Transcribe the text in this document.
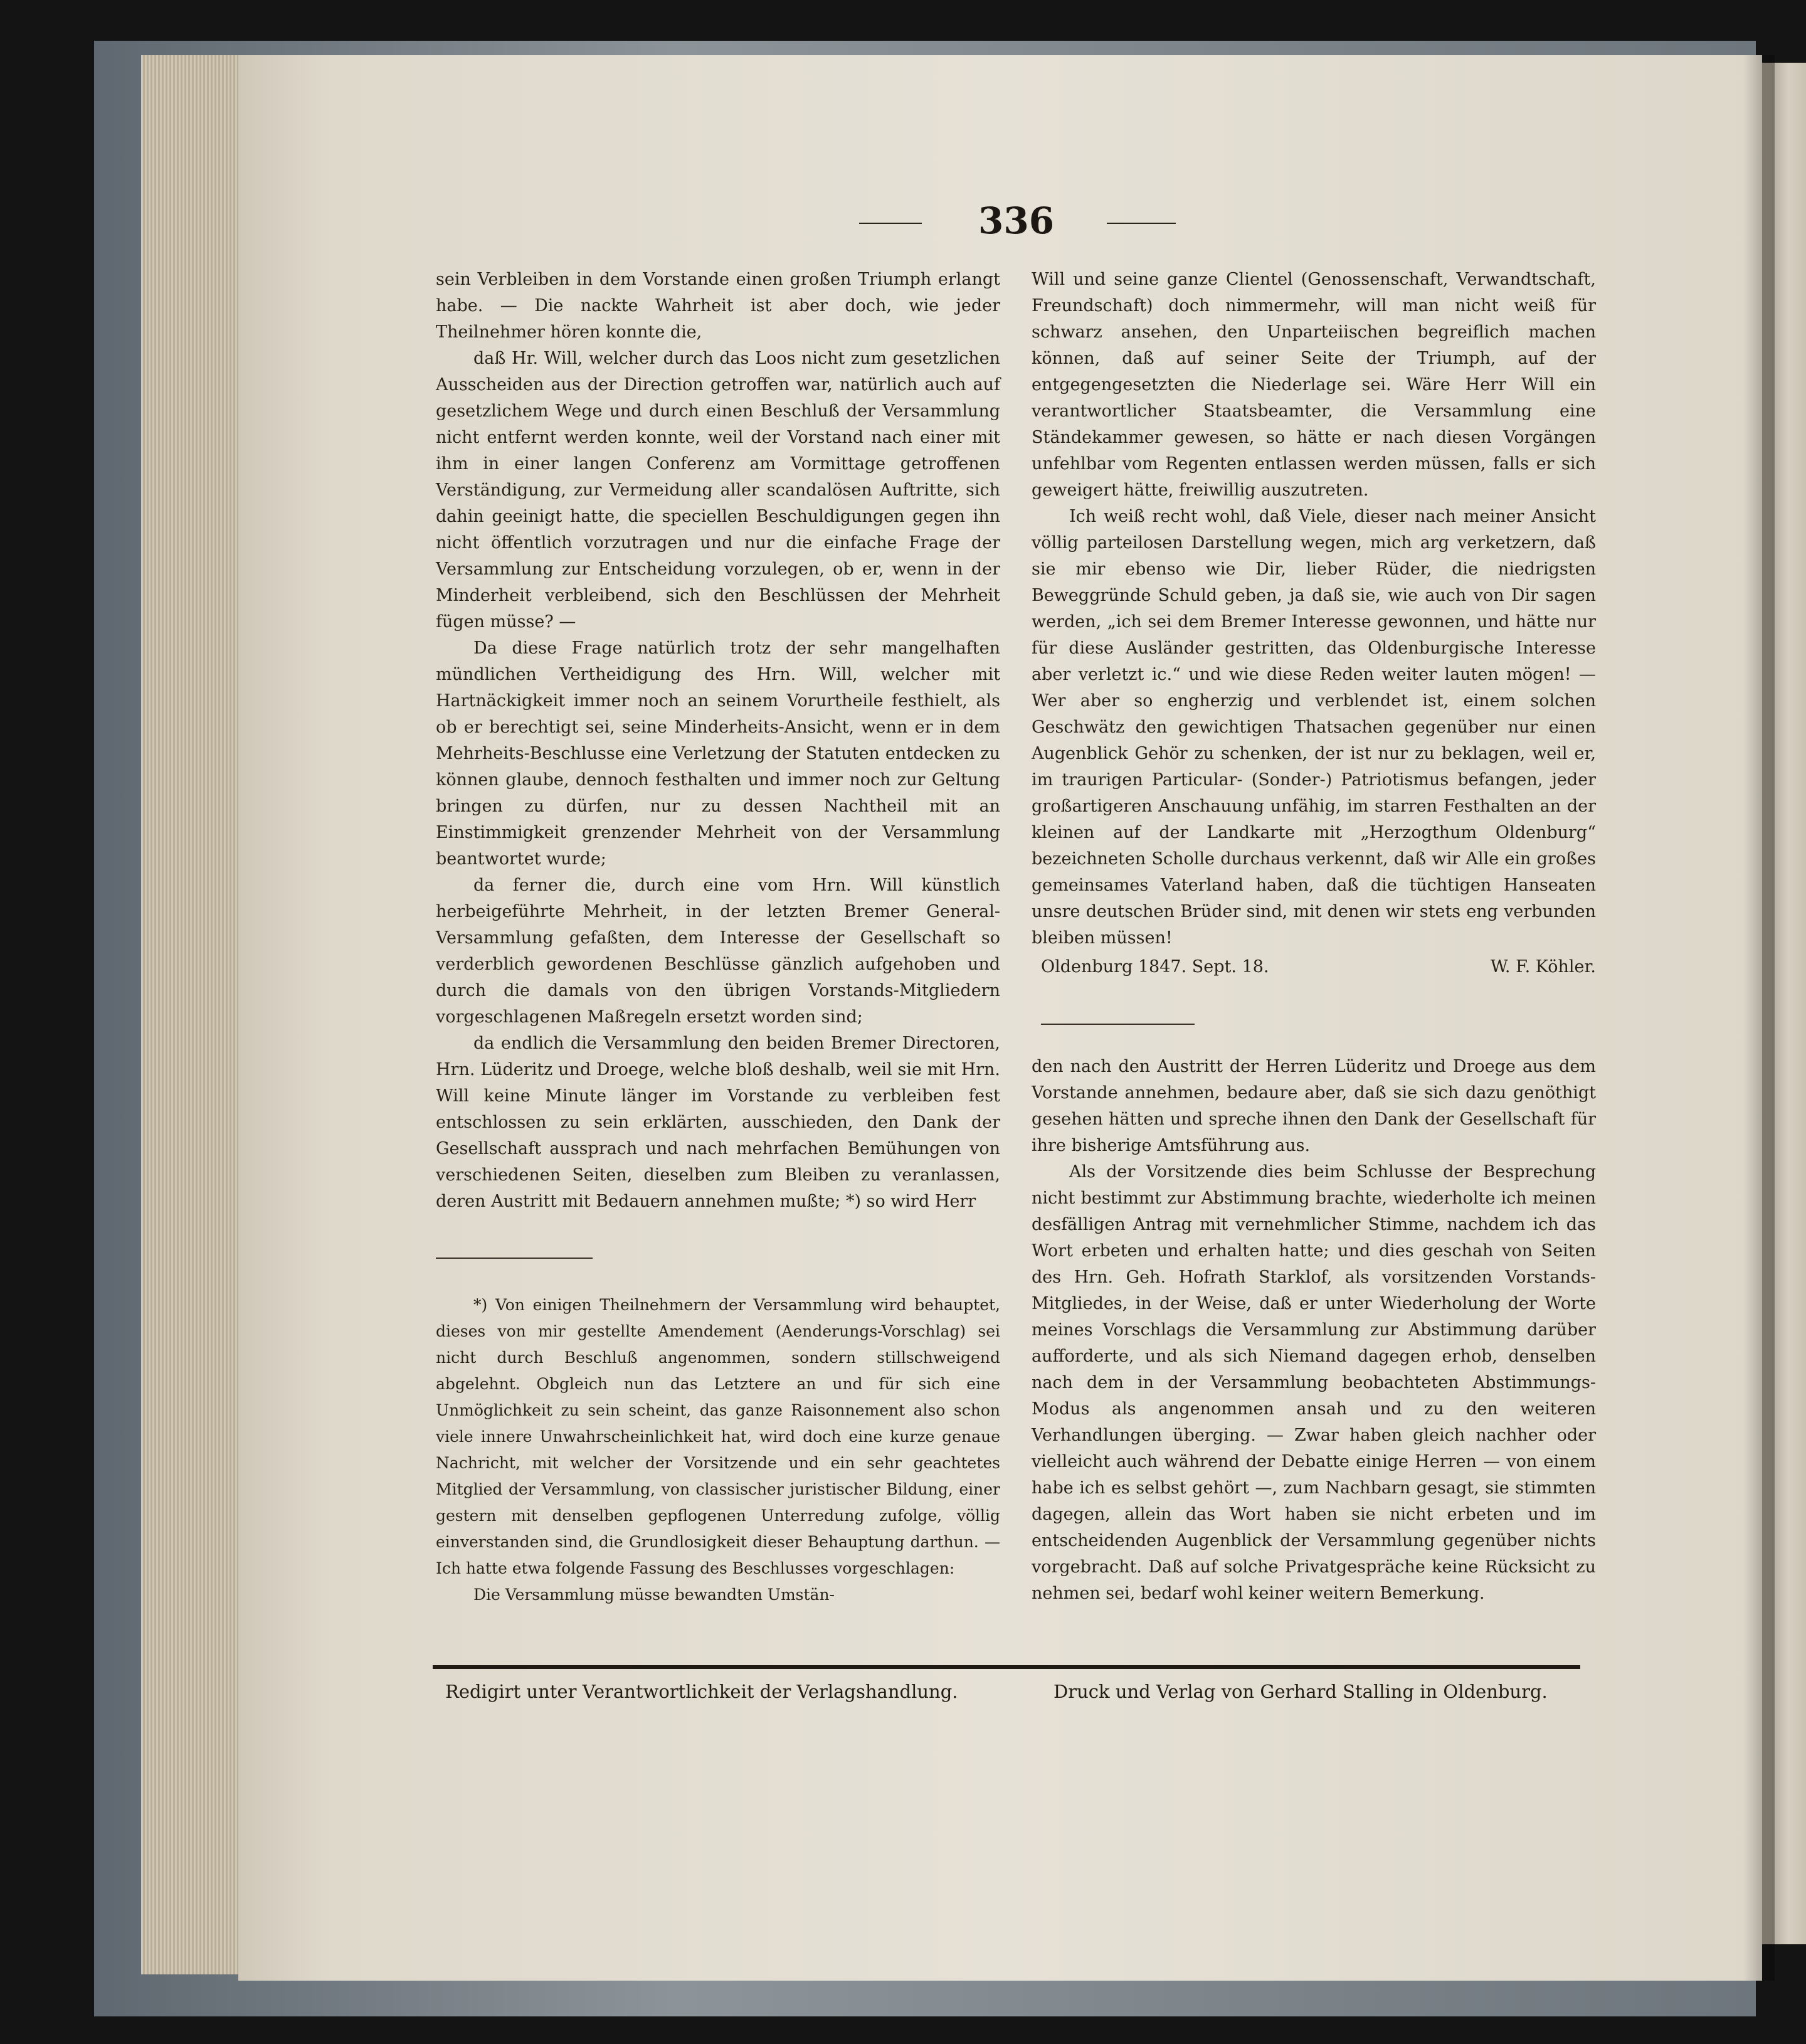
336

sein Verbleiben in dem Vorstande einen großen Triumph erlangt habe. — Die nackte Wahrheit ist aber doch, wie jeder Theilnehmer hören konnte die,

daß Hr. Will, welcher durch das Loos nicht zum gesetzlichen Ausscheiden aus der Direction getroffen war, natürlich auch auf gesetzlichem Wege und durch einen Beschluß der Versammlung nicht entfernt werden konnte, weil der Vorstand nach einer mit ihm in einer langen Conferenz am Vormittage getroffenen Verständigung, zur Vermeidung aller scandalösen Auftritte, sich dahin geeinigt hatte, die speciellen Beschuldigungen gegen ihn nicht öffentlich vorzutragen und nur die einfache Frage der Versammlung zur Entscheidung vorzulegen, ob er, wenn in der Minderheit verbleibend, sich den Beschlüssen der Mehrheit fügen müsse? —

Da diese Frage natürlich trotz der sehr mangelhaften mündlichen Vertheidigung des Hrn. Will, welcher mit Hartnäckigkeit immer noch an seinem Vorurtheile festhielt, als ob er berechtigt sei, seine Minderheits-Ansicht, wenn er in dem Mehrheits-Beschlusse eine Verletzung der Statuten entdecken zu können glaube, dennoch festhalten und immer noch zur Geltung bringen zu dürfen, nur zu dessen Nachtheil mit an Einstimmigkeit grenzender Mehrheit von der Versammlung beantwortet wurde;

da ferner die, durch eine vom Hrn. Will künstlich herbeigeführte Mehrheit, in der letzten Bremer General-Versammlung gefaßten, dem Interesse der Gesellschaft so verderblich gewordenen Beschlüsse gänzlich aufgehoben und durch die damals von den übrigen Vorstands-Mitgliedern vorgeschlagenen Maßregeln ersetzt worden sind;

da endlich die Versammlung den beiden Bremer Directoren, Hrn. Lüderitz und Droege, welche bloß deshalb, weil sie mit Hrn. Will keine Minute länger im Vorstande zu verbleiben fest entschlossen zu sein erklärten, ausschieden, den Dank der Gesellschaft aussprach und nach mehrfachen Bemühungen von verschiedenen Seiten, dieselben zum Bleiben zu veranlassen, deren Austritt mit Bedauern annehmen mußte; *) so wird Herr

*) Von einigen Theilnehmern der Versammlung wird behauptet, dieses von mir gestellte Amendement (Aenderungs-Vorschlag) sei nicht durch Beschluß angenommen, sondern stillschweigend abgelehnt. Obgleich nun das Letztere an und für sich eine Unmöglichkeit zu sein scheint, das ganze Raisonnement also schon viele innere Unwahrscheinlichkeit hat, wird doch eine kurze genaue Nachricht, mit welcher der Vorsitzende und ein sehr geachtetes Mitglied der Versammlung, von classischer juristischer Bildung, einer gestern mit denselben gepflogenen Unterredung zufolge, völlig einverstanden sind, die Grundlosigkeit dieser Behauptung darthun. — Ich hatte etwa folgende Fassung des Beschlusses vorgeschlagen:

Die Versammlung müsse bewandten Umstän-

Will und seine ganze Clientel (Genossenschaft, Verwandtschaft, Freundschaft) doch nimmermehr, will man nicht weiß für schwarz ansehen, den Unparteiischen begreiflich machen können, daß auf seiner Seite der Triumph, auf der entgegengesetzten die Niederlage sei. Wäre Herr Will ein verantwortlicher Staatsbeamter, die Versammlung eine Ständekammer gewesen, so hätte er nach diesen Vorgängen unfehlbar vom Regenten entlassen werden müssen, falls er sich geweigert hätte, freiwillig auszutreten.

Ich weiß recht wohl, daß Viele, dieser nach meiner Ansicht völlig parteilosen Darstellung wegen, mich arg verketzern, daß sie mir ebenso wie Dir, lieber Rüder, die niedrigsten Beweggründe Schuld geben, ja daß sie, wie auch von Dir sagen werden, „ich sei dem Bremer Interesse gewonnen, und hätte nur für diese Ausländer gestritten, das Oldenburgische Interesse aber verletzt ic.“ und wie diese Reden weiter lauten mögen! — Wer aber so engherzig und verblendet ist, einem solchen Geschwätz den gewichtigen Thatsachen gegenüber nur einen Augenblick Gehör zu schenken, der ist nur zu beklagen, weil er, im traurigen Particular- (Sonder-) Patriotismus befangen, jeder großartigeren Anschauung unfähig, im starren Festhalten an der kleinen auf der Landkarte mit „Herzogthum Oldenburg“ bezeichneten Scholle durchaus verkennt, daß wir Alle ein großes gemeinsames Vaterland haben, daß die tüchtigen Hanseaten unsre deutschen Brüder sind, mit denen wir stets eng verbunden bleiben müssen!

Oldenburg 1847. Sept. 18.	W. F. Köhler.

den nach den Austritt der Herren Lüderitz und Droege aus dem Vorstande annehmen, bedaure aber, daß sie sich dazu genöthigt gesehen hätten und spreche ihnen den Dank der Gesellschaft für ihre bisherige Amtsführung aus.

Als der Vorsitzende dies beim Schlusse der Besprechung nicht bestimmt zur Abstimmung brachte, wiederholte ich meinen desfälligen Antrag mit vernehmlicher Stimme, nachdem ich das Wort erbeten und erhalten hatte; und dies geschah von Seiten des Hrn. Geh. Hofrath Starklof, als vorsitzenden Vorstands-Mitgliedes, in der Weise, daß er unter Wiederholung der Worte meines Vorschlags die Versammlung zur Abstimmung darüber aufforderte, und als sich Niemand dagegen erhob, denselben nach dem in der Versammlung beobachteten Abstimmungs-Modus als angenommen ansah und zu den weiteren Verhandlungen überging. — Zwar haben gleich nachher oder vielleicht auch während der Debatte einige Herren — von einem habe ich es selbst gehört —, zum Nachbarn gesagt, sie stimmten dagegen, allein das Wort haben sie nicht erbeten und im entscheidenden Augenblick der Versammlung gegenüber nichts vorgebracht. Daß auf solche Privatgespräche keine Rücksicht zu nehmen sei, bedarf wohl keiner weitern Bemerkung.

Redigirt unter Verantwortlichkeit der Verlagshandlung.	Druck und Verlag von Gerhard Stalling in Oldenburg.
